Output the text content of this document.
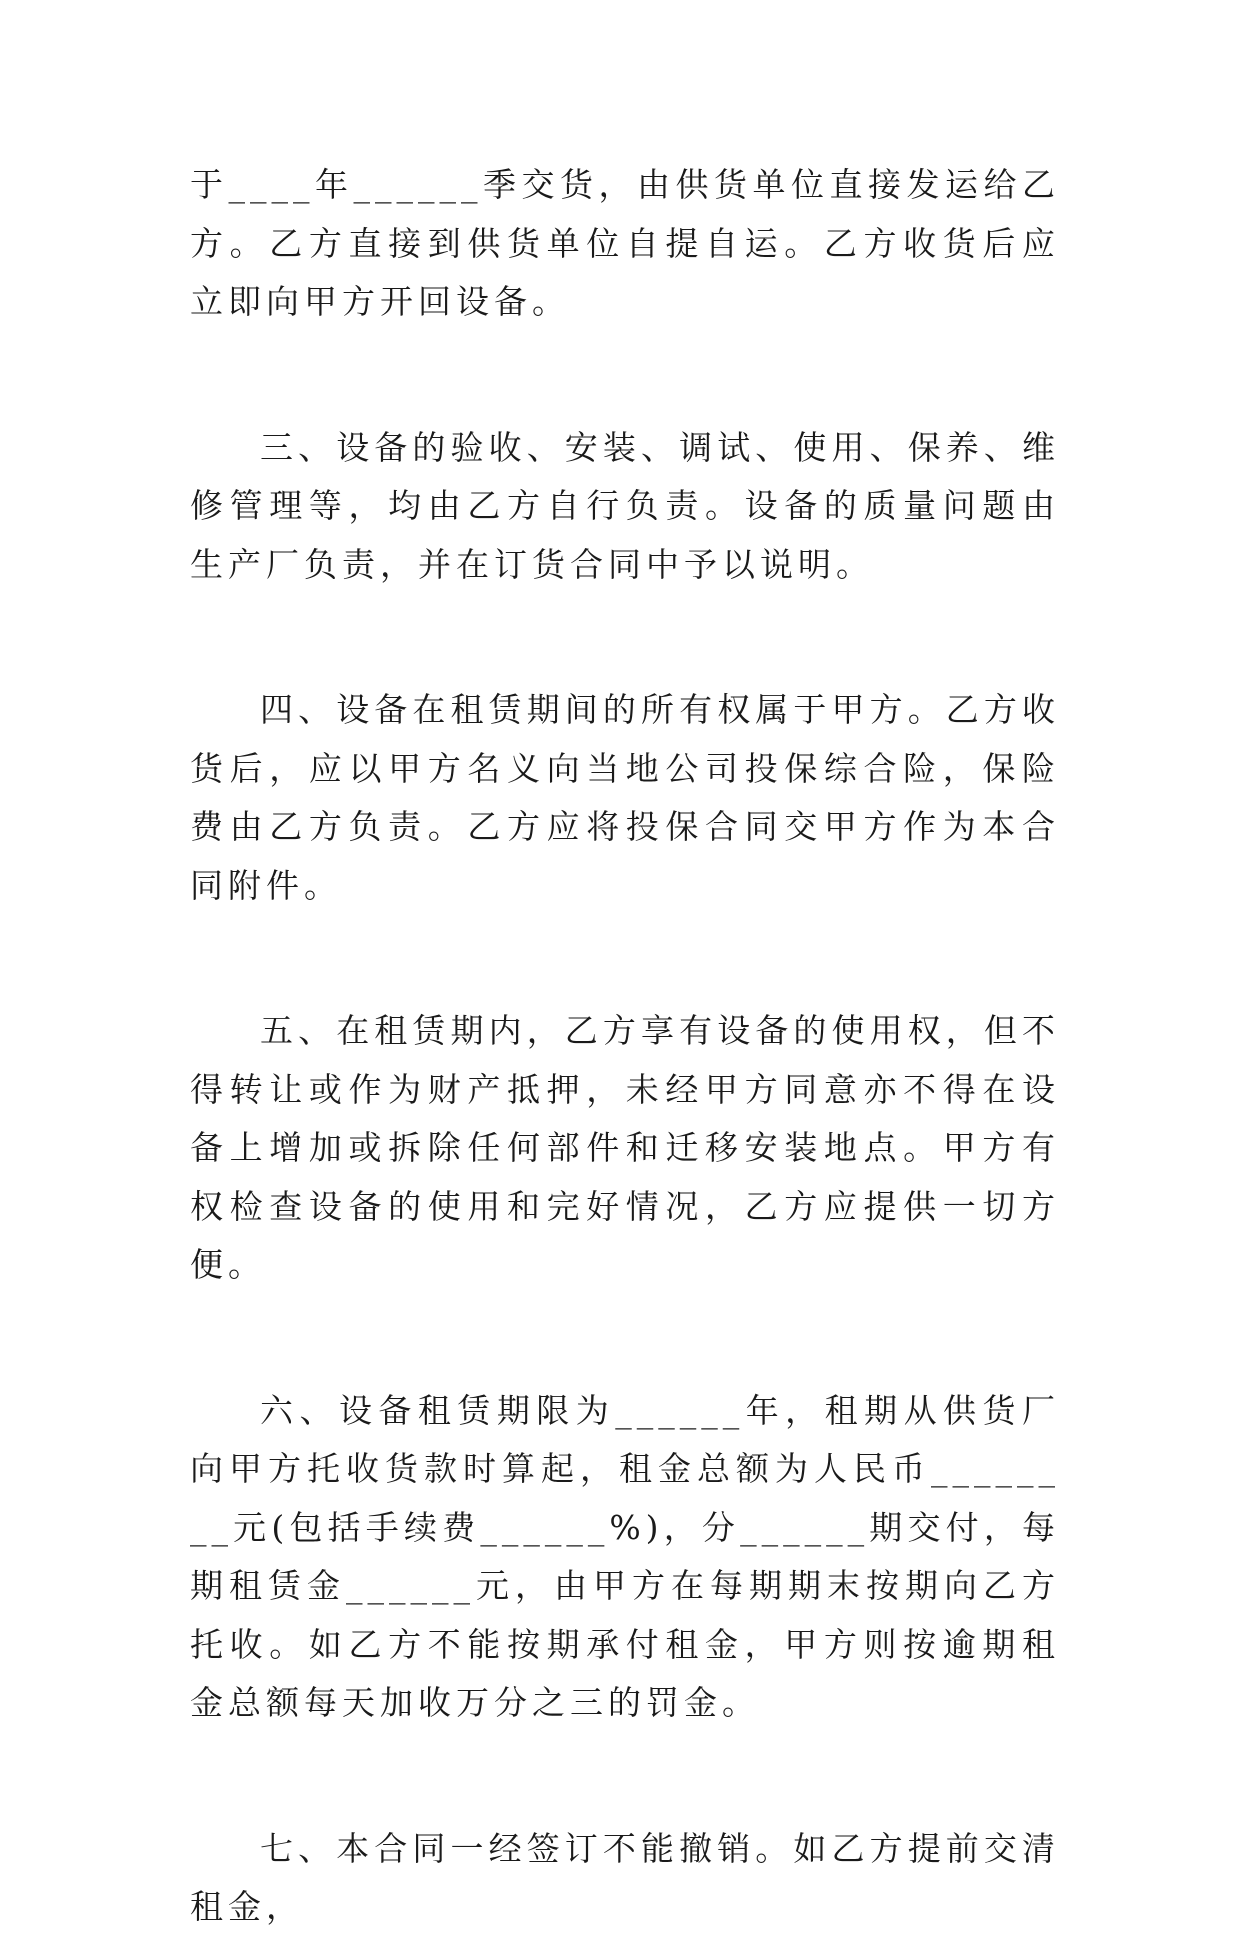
于____年______季交货，由供货单位直接发运给乙方。乙方直接到供货单位自提自运。乙方收货后应立即向甲方开回设备。

三、设备的验收、安装、调试、使用、保养、维修管理等，均由乙方自行负责。设备的质量问题由生产厂负责，并在订货合同中予以说明。

四、设备在租赁期间的所有权属于甲方。乙方收货后，应以甲方名义向当地公司投保综合险，保险费由乙方负责。乙方应将投保合同交甲方作为本合同附件。

五、在租赁期内，乙方享有设备的使用权，但不得转让或作为财产抵押，未经甲方同意亦不得在设备上增加或拆除任何部件和迁移安装地点。甲方有权检查设备的使用和完好情况，乙方应提供一切方便。

六、设备租赁期限为______年，租期从供货厂向甲方托收货款时算起，租金总额为人民币________元(包括手续费______%)，分______期交付，每期租赁金______元，由甲方在每期期末按期向乙方托收。如乙方不能按期承付租金，甲方则按逾期租金总额每天加收万分之三的罚金。

七、本合同一经签订不能撤销。如乙方提前交清租金，
